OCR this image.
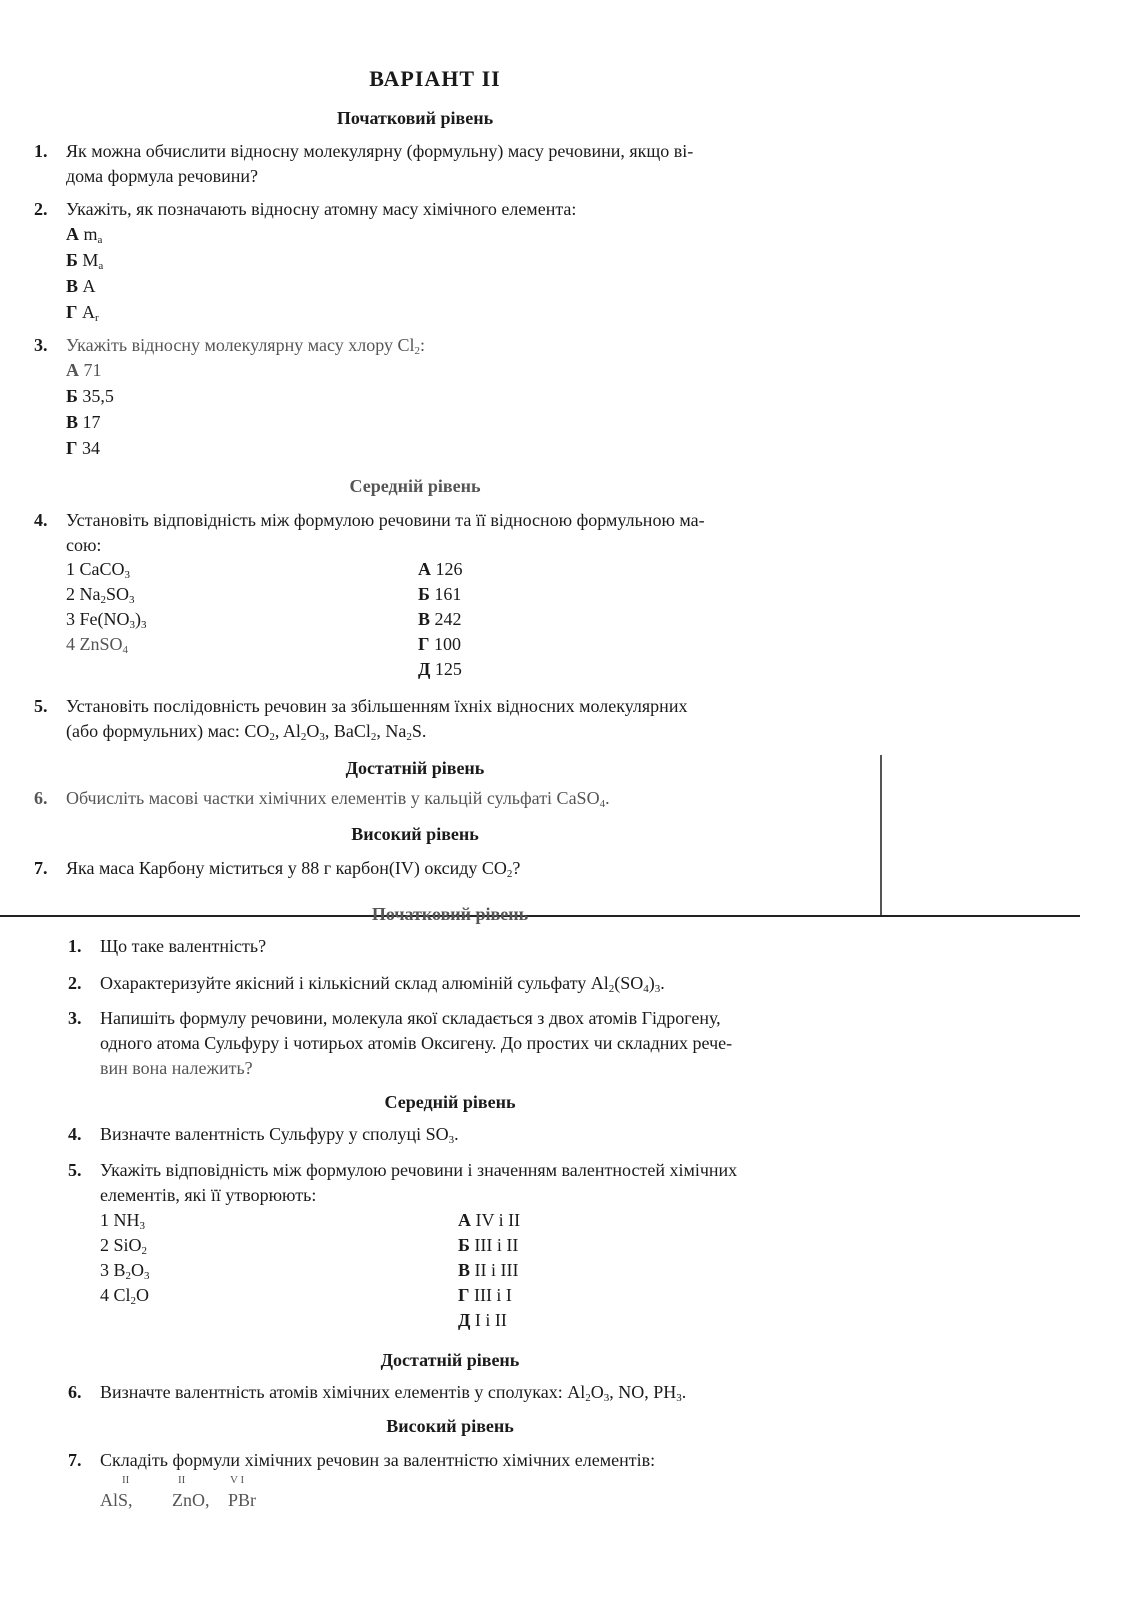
ВАРІАНТ II
Початковий рівень
1. Як можна обчислити відносну молекулярну (формульну) масу речовини, якщо ві-
дома формула речовини?
2. Укажіть, як позначають відносну атомну масу хімічного елемента:
А $m_a$
Б $M_a$
В A
Г $A_r$
3. Укажіть відносну молекулярну масу хлору $Cl_2$:
А 71
Б 35,5
В 17
Г 34
Середній рівень
4. Установіть відповідність між формулою речовини та її відносною формульною ма-
сою:
1 CaCO$_3$
2 $Na_2SO_3$
3 $Fe(NO_3)_3$
4 ZnSO$_4$
А 126
Б 161
В 242
Г 100
Д 125
5. Установіть послідовність речовин за збільшенням їхніх відносних молекулярних
(або формульних) мас: $CO_2$, $Al_2O_3$, BaCl$_2$, $Na_2S$.
Достатній рівень
6. Обчисліть масові частки хімічних елементів у кальцій сульфаті CaSO$_4$.
Високий рівень
7. Яка маса Карбону міститься у 88 г карбон(IV) оксиду $CO_2$?
Початковий рівень
1. Що таке валентність?
2. Охарактеризуйте якісний і кількісний склад алюміній сульфату $Al_2(SO_4)_3$.
3. Напишіть формулу речовини, молекула якої складається з двох атомів Гідрогену,
одного атома Сульфуру і чотирьох атомів Оксигену. До простих чи складних рече-
вин вона належить?
Середній рівень
4. Визначте валентність Сульфуру у сполуці $SO_3$.
5. Укажіть відповідність між формулою речовини і значенням валентностей хімічних
елементів, які її утворюють:
1 $NH_3$
2 SiO$_2$
3 $B_2O_3$
4 $Cl_2O$
А IV і II
Б III і II
В II і III
Г III і I
Д I і II
Достатній рівень
6. Визначте валентність атомів хімічних елементів у сполуках: $Al_2O_3$, NO, $PH_3$.
Високий рівень
7. Складіть формули хімічних речовин за валентністю хімічних елементів:
II	II	V I
AlS, ZnO, PBr
